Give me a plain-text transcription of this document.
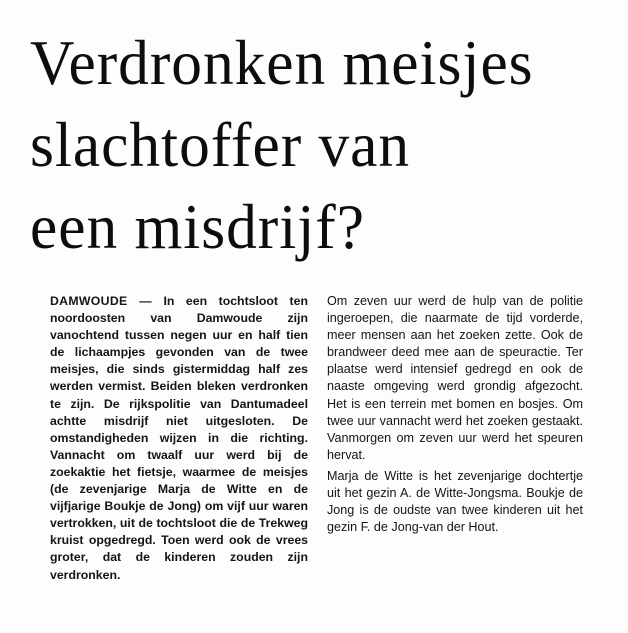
Verdronken meisjes
slachtoffer van
een misdrijf?

DAMWOUDE — In een tochtsloot ten noordoosten van Damwoude zijn vanochtend tussen negen uur en half tien de lichaampjes gevonden van de twee meisjes, die sinds gistermiddag half zes werden vermist. Beiden bleken verdronken te zijn. De rijkspolitie van Dantumadeel achtte misdrijf niet uitgesloten. De omstandigheden wijzen in die richting. Vannacht om twaalf uur werd bij de zoekaktie het fietsje, waarmee de meisjes (de zevenjarige Marja de Witte en de vijfjarige Boukje de Jong) om vijf uur waren vertrokken, uit de tochtsloot die de Trekweg kruist opgedregd. Toen werd ook de vrees groter, dat de kinderen zouden zijn verdronken.

Om zeven uur werd de hulp van de politie ingeroepen, die naarmate de tijd vorderde, meer mensen aan het zoeken zette. Ook de brandweer deed mee aan de speuractie. Ter plaatse werd intensief gedregd en ook de naaste omgeving werd grondig afgezocht. Het is een terrein met bomen en bosjes. Om twee uur vannacht werd het zoeken gestaakt. Vanmorgen om zeven uur werd het speuren hervat.

Marja de Witte is het zevenjarige dochtertje uit het gezin A. de Witte-Jongsma. Boukje de Jong is de oudste van twee kinderen uit het gezin F. de Jong-van der Hout.
